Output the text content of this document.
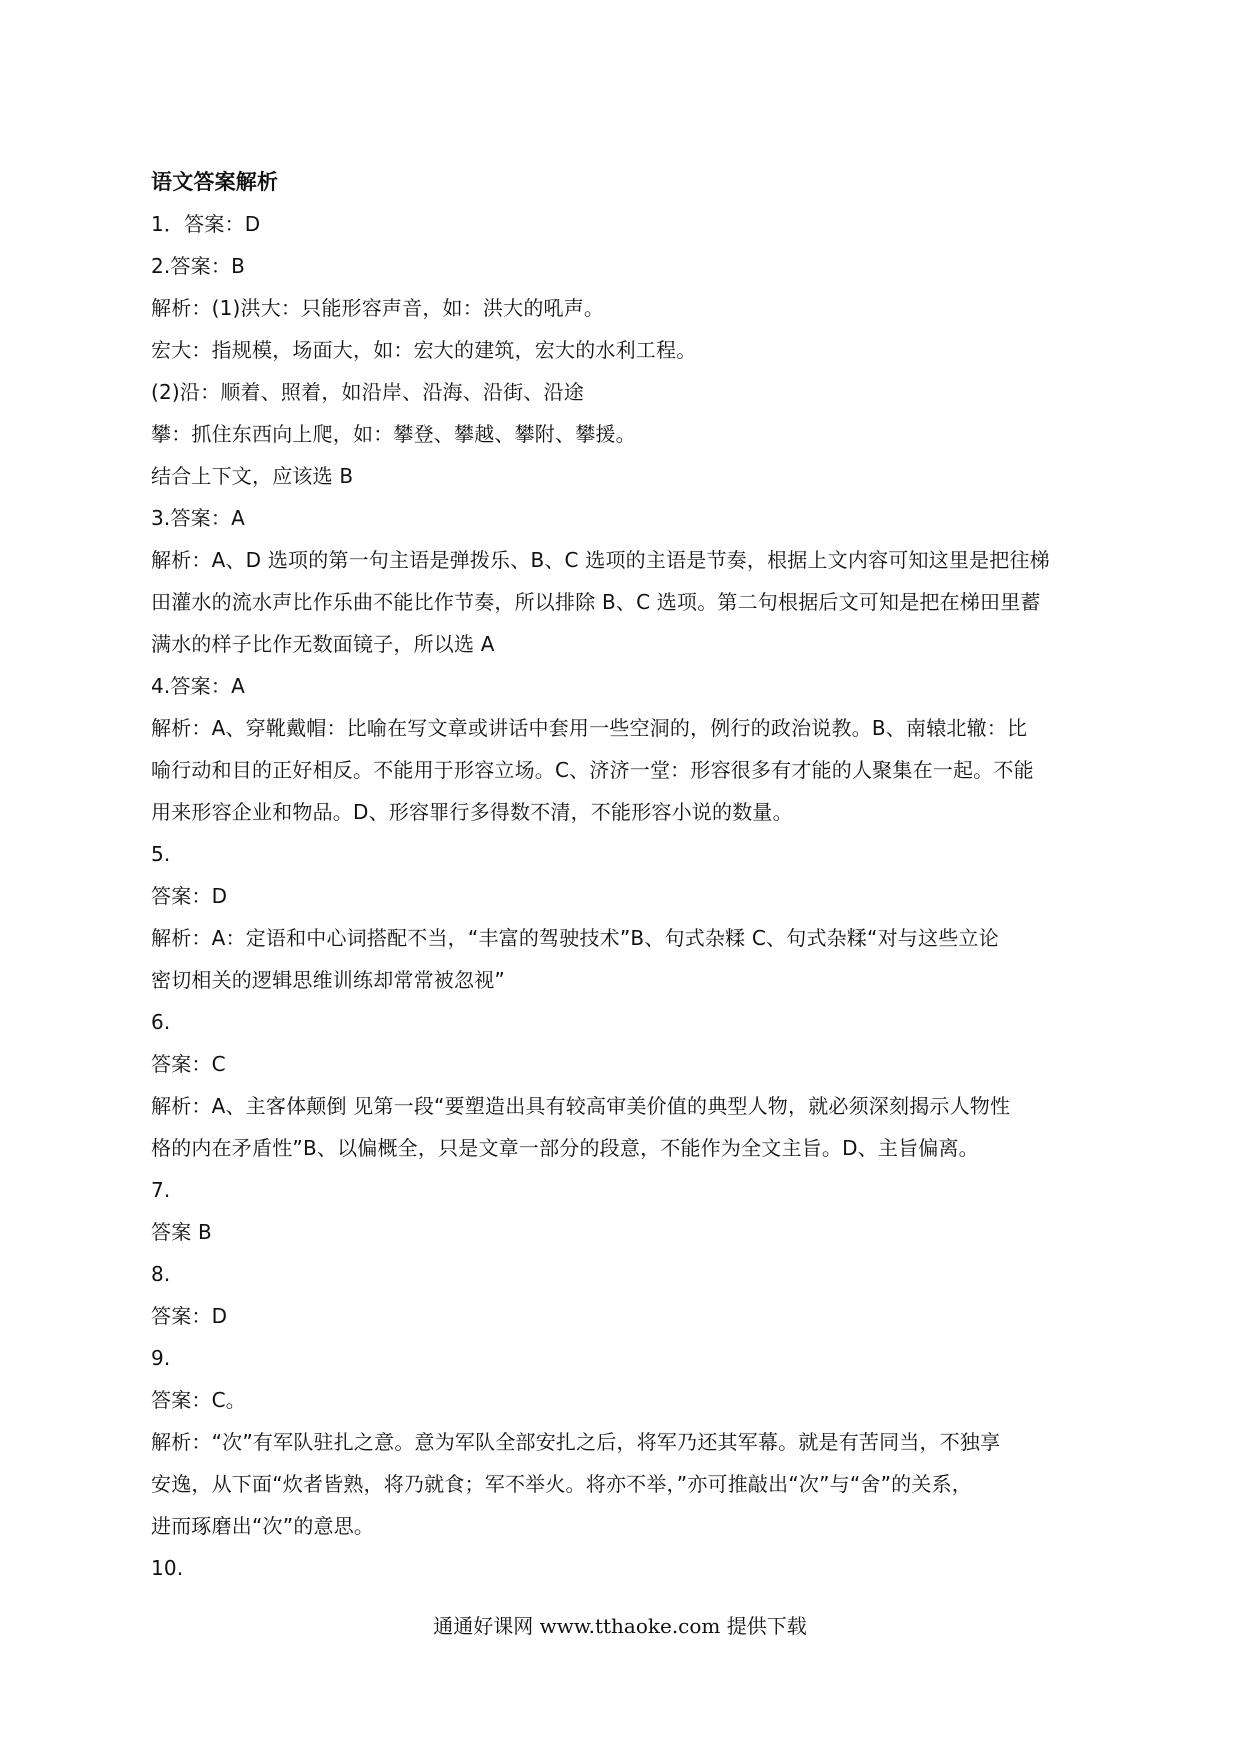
语文答案解析
1．答案：D
2.答案：B
解析：(1)洪大：只能形容声音，如：洪大的吼声。
宏大：指规模，场面大，如：宏大的建筑，宏大的水利工程。
(2)沿：顺着、照着，如沿岸、沿海、沿街、沿途
攀：抓住东西向上爬，如：攀登、攀越、攀附、攀援。
结合上下文，应该选 B
3.答案：A
解析：A、D 选项的第一句主语是弹拨乐、B、C 选项的主语是节奏，根据上文内容可知这里是把往梯
田灌水的流水声比作乐曲不能比作节奏，所以排除 B、C 选项。第二句根据后文可知是把在梯田里蓄
满水的样子比作无数面镜子，所以选 A
4.答案：A
解析：A、穿靴戴帽：比喻在写文章或讲话中套用一些空洞的，例行的政治说教。B、南辕北辙：比
喻行动和目的正好相反。不能用于形容立场。C、济济一堂：形容很多有才能的人聚集在一起。不能
用来形容企业和物品。D、形容罪行多得数不清，不能形容小说的数量。
5.
答案：D
解析：A：定语和中心词搭配不当，“丰富的驾驶技术”B、句式杂糅 C、句式杂糅“对与这些立论
密切相关的逻辑思维训练却常常被忽视”
6.
答案：C
解析：A、主客体颠倒 见第一段“要塑造出具有较高审美价值的典型人物，就必须深刻揭示人物性
格的内在矛盾性”B、以偏概全，只是文章一部分的段意，不能作为全文主旨。D、主旨偏离。
7.
答案 B
8.
答案：D
9.
答案：C。
解析：“次”有军队驻扎之意。意为军队全部安扎之后，将军乃还其军幕。就是有苦同当，不独享
安逸，从下面“炊者皆熟，将乃就食；军不举火。将亦不举，”亦可推敲出“次”与“舍”的关系，
进而琢磨出“次”的意思。
10.
通通好课网 www.tthaoke.com 提供下载
